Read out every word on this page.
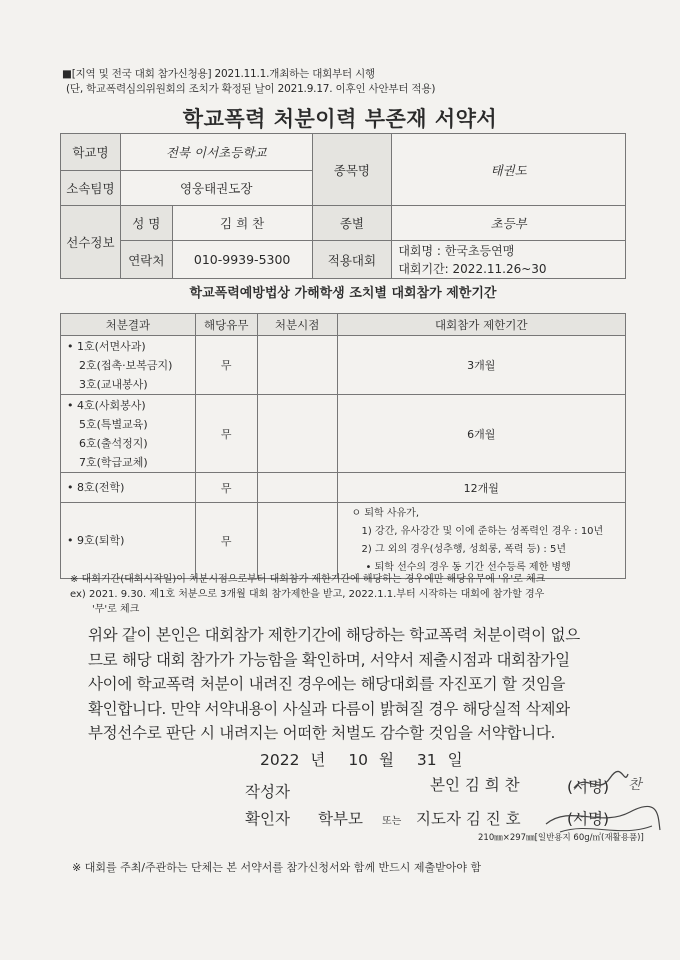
■[지역 및 전국 대회 참가신청용] 2021.11.1.개최하는 대회부터 시행
(단, 학교폭력심의위원회의 조치가 확정된 날이 2021.9.17. 이후인 사안부터 적용)
학교폭력 처분이력 부존재 서약서
학교명	전북 이서초등학교		종목명	태권도
소속팀명	영웅태권도장			
선수정보	성 명	김 희 찬	종별	초등부
	연락처	010-9939-5300	적용대회	대회명 : 한국초등연맹
대회기간: 2022.11.26~30
학교폭력예방법상 가해학생 조치별 대회참가 제한기간
처분결과	해당유무	처분시점	대회참가 제한기간

• 1호(서면사과)
2호(접촉·보복금지)
3호(교내봉사)	무		3개월

• 4호(사회봉사)
5호(특별교육)
6호(출석정지)
7호(학급교체)	무		6개월

• 8호(전학)	무		12개월

• 9호(퇴학)	무		ㅇ 퇴학 사유가,
1) 강간, 유사강간 및 이에 준하는 성폭력인 경우 : 10년
2) 그 외의 경우(성추행, 성희롱, 폭력 등) : 5년
• 퇴학 선수의 경우 동 기간 선수등록 제한 병행
※ 대회기간(대회시작일)이 처분시점으로부터 대회참가 제한기간에 해당하는 경우에만 해당유무에 '유'로 체크
ex) 2021. 9.30. 제1호 처분으로 3개월 대회 참가제한을 받고, 2022.1.1.부터 시작하는 대회에 참가할 경우
'무'로 체크
위와 같이 본인은 대회참가 제한기간에 해당하는 학교폭력 처분이력이 없으
므로 해당 대회 참가가 가능함을 확인하며, 서약서 제출시점과 대회참가일
사이에 학교폭력 처분이 내려진 경우에는 해당대회를 자진포기 할 것임을
확인합니다. 만약 서약내용이 사실과 다름이 밝혀질 경우 해당실적 삭제와
부정선수로 판단 시 내려지는 어떠한 처벌도 감수할 것임을 서약합니다.
2022 년 10 월 31 일
작성자	본인 김 희 찬	(서명) 찬
확인자 학부모 또는 지도자 김 진 호	(서명)
210㎜×297㎜[일반용지 60g/㎡(재활용품)]
※ 대회를 주최/주관하는 단체는 본 서약서를 참가신청서와 함께 반드시 제출받아야 함
